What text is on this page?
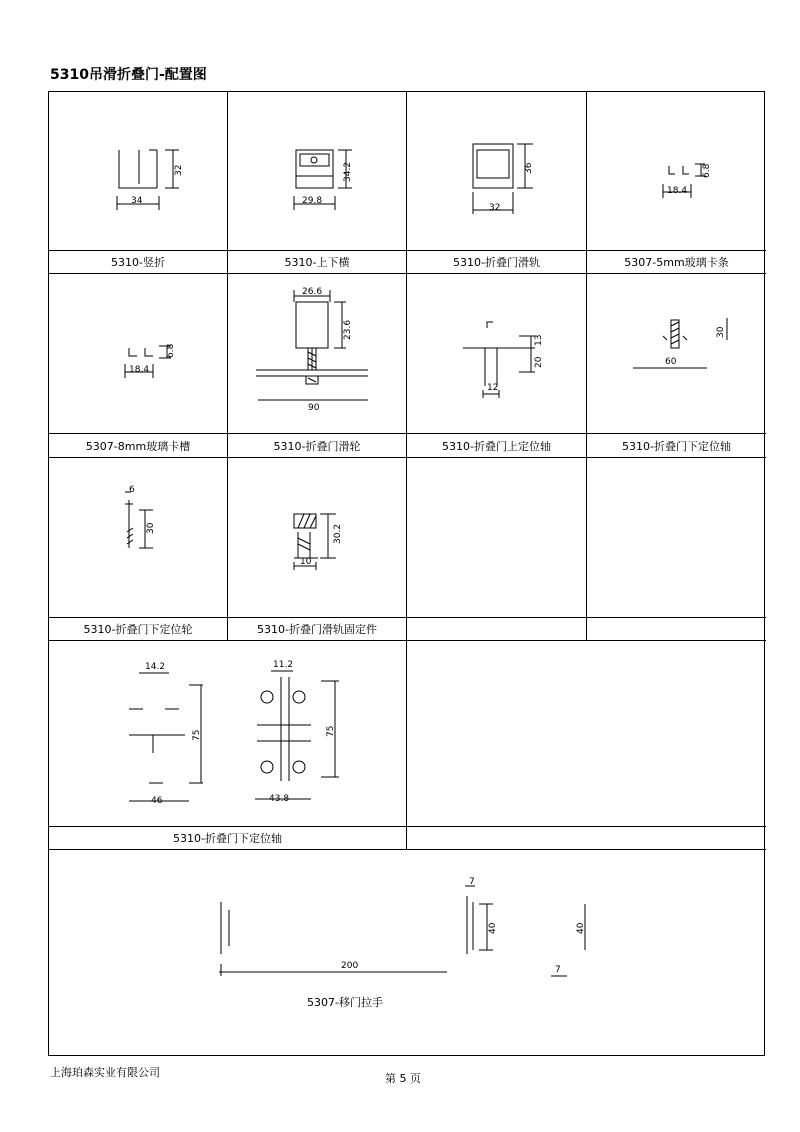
5310吊滑折叠门-配置图
34
32
29.8
34.2
32
36
18.4
6.8
5310-竖折	5310-上下横	5310-折叠门滑轨	5307-5mm玻璃卡条
18.4
6.8
26.6
23.6
90
20
13
12
60
30
5307-8mm玻璃卡槽	5310-折叠门滑轮	5310-折叠门上定位轴	5310-折叠门下定位轴
6
30	30.2
10
5310-折叠门下定位轮	5310-折叠门滑轨固定件
14.2
75
46
11.2
75
43.8
5310-折叠门下定位轴
7
40
200
40
7
5307-移门拉手
上海珀森实业有限公司	第 5 页
